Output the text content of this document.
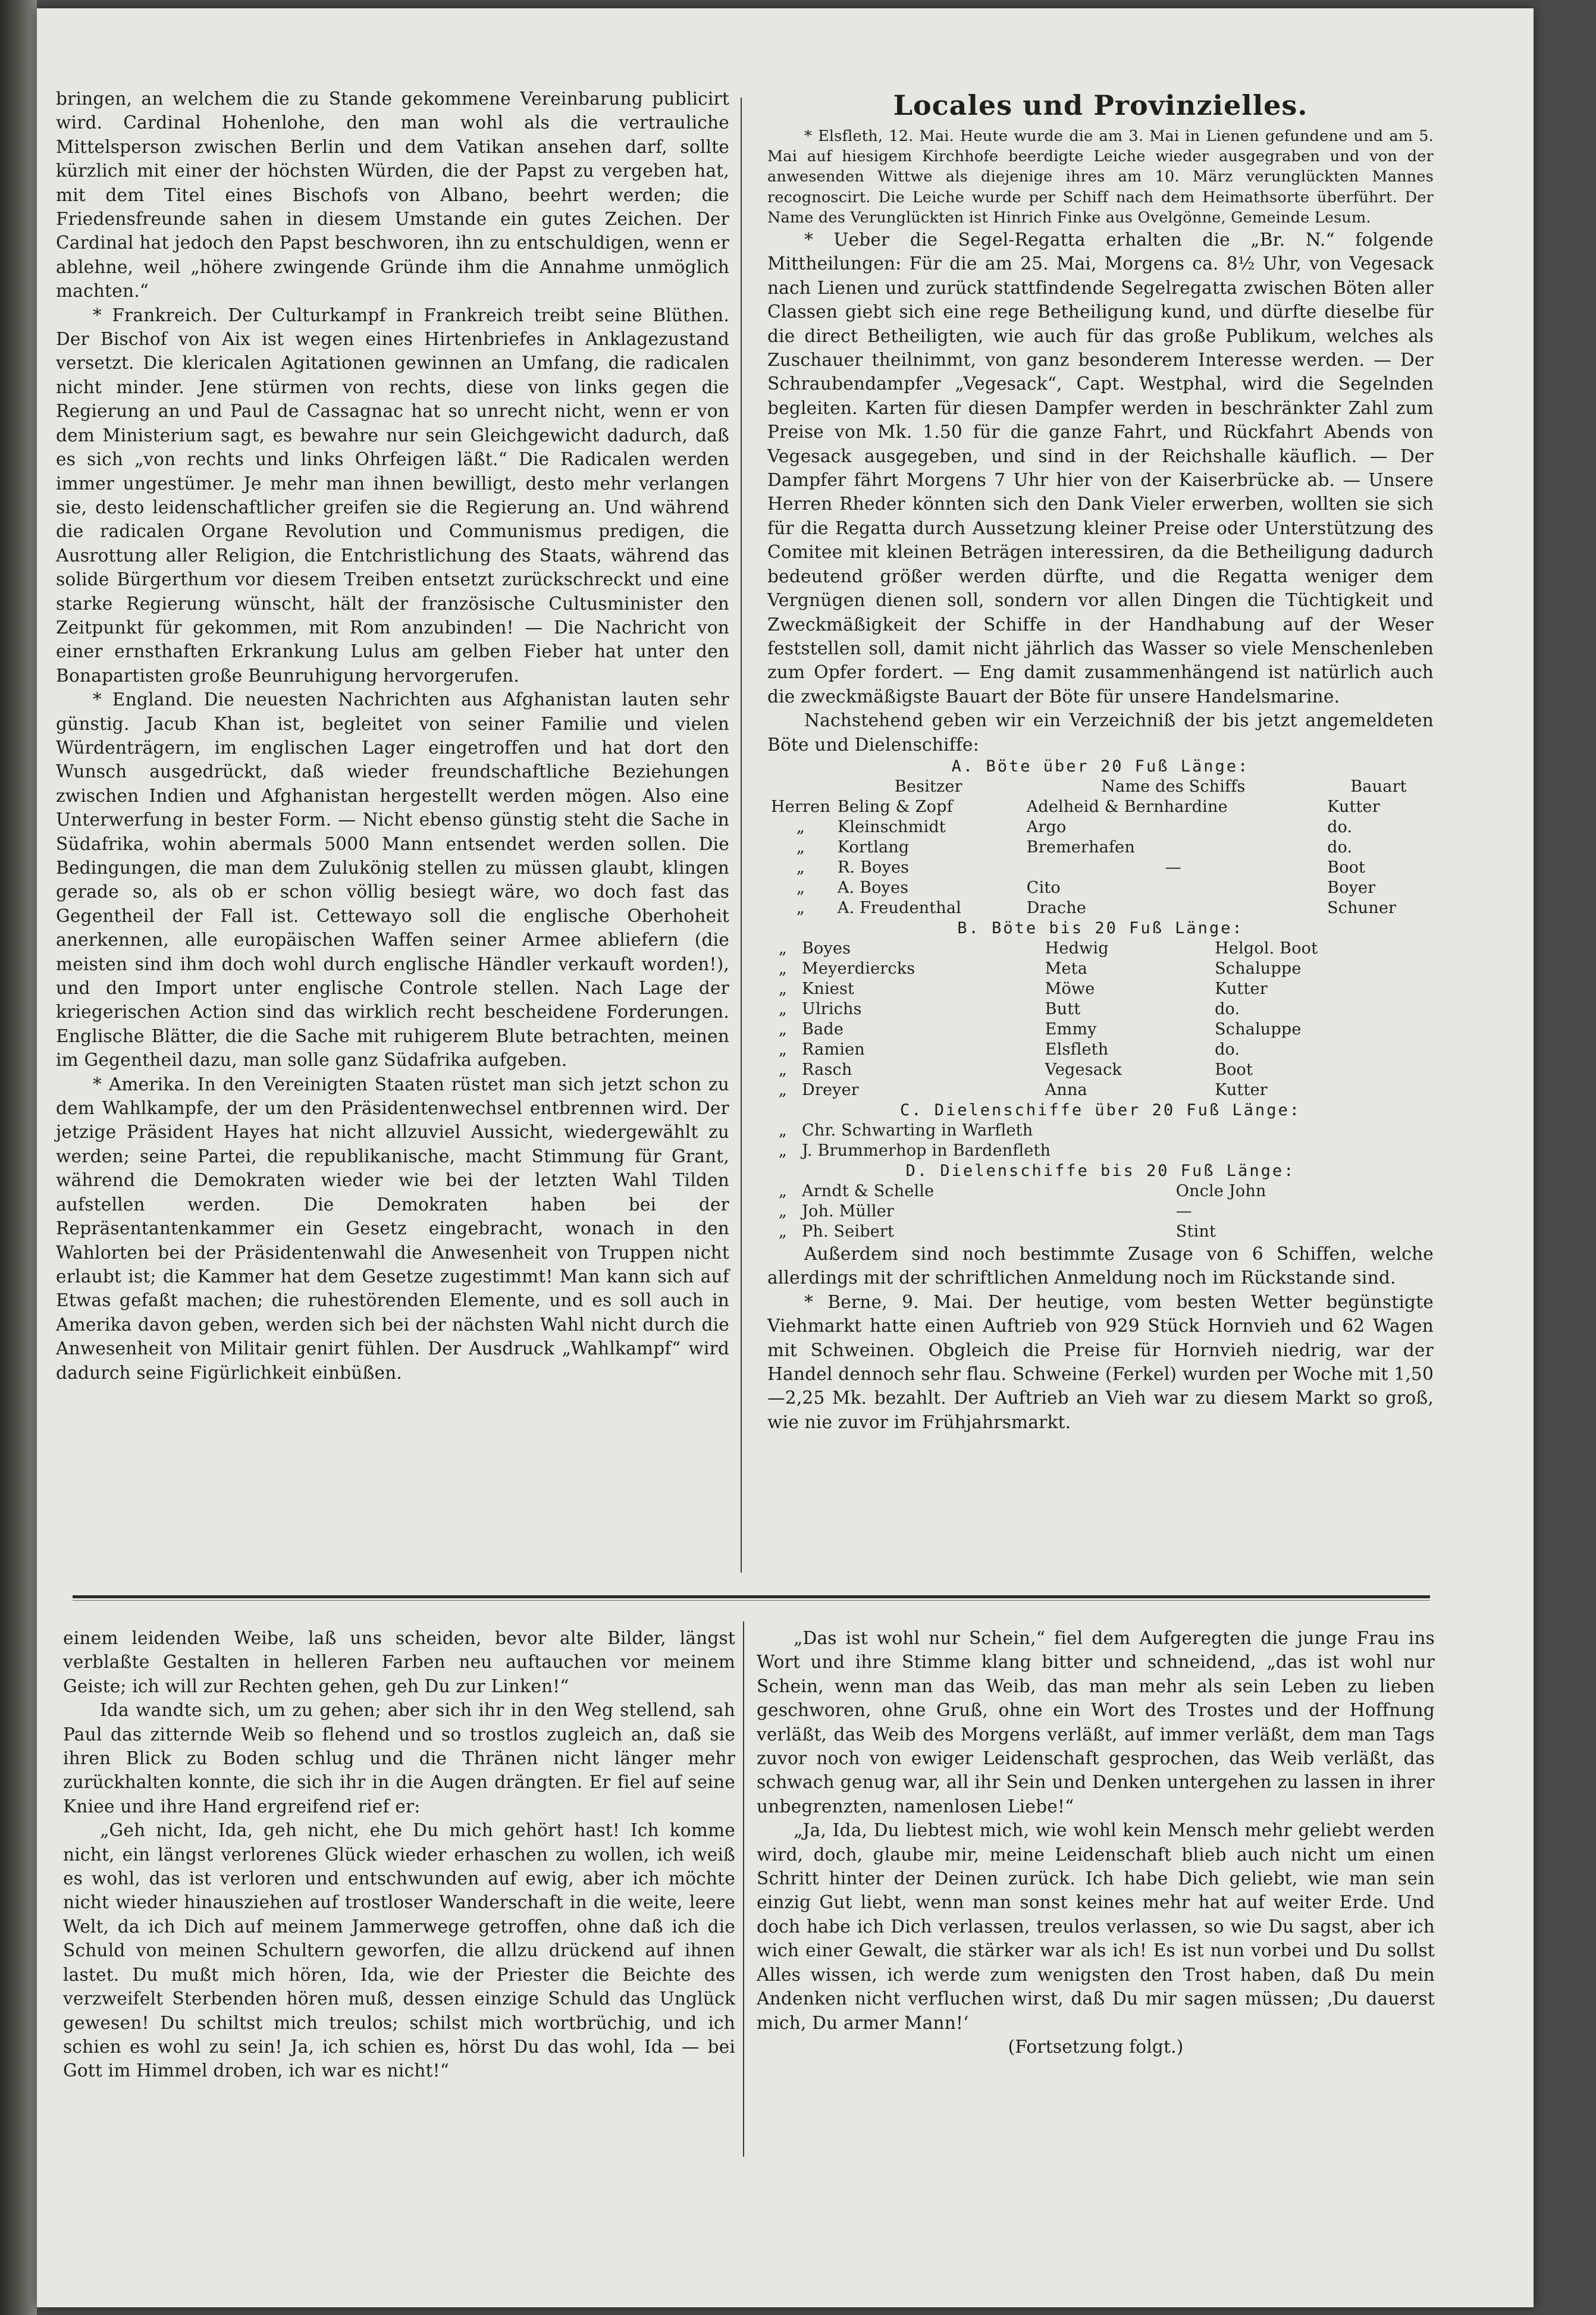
bringen, an welchem die zu Stande gekommene Vereinbarung publicirt wird. Cardinal Hohenlohe, den man wohl als die vertrauliche Mittelsperson zwischen Berlin und dem Vatikan ansehen darf, sollte kürzlich mit einer der höchsten Würden, die der Papst zu vergeben hat, mit dem Titel eines Bischofs von Albano, beehrt werden; die Friedensfreunde sahen in diesem Umstande ein gutes Zeichen. Der Cardinal hat jedoch den Papst beschworen, ihn zu entschuldigen, wenn er ablehne, weil „höhere zwingende Gründe ihm die Annahme unmöglich machten.“

* Frankreich. Der Culturkampf in Frankreich treibt seine Blüthen. Der Bischof von Aix ist wegen eines Hirtenbriefes in Anklagezustand versetzt. Die klericalen Agitationen gewinnen an Umfang, die radicalen nicht minder. Jene stürmen von rechts, diese von links gegen die Regierung an und Paul de Cassagnac hat so unrecht nicht, wenn er von dem Ministerium sagt, es bewahre nur sein Gleichgewicht dadurch, daß es sich „von rechts und links Ohrfeigen läßt.“ Die Radicalen werden immer ungestümer. Je mehr man ihnen bewilligt, desto mehr verlangen sie, desto leidenschaftlicher greifen sie die Regierung an. Und während die radicalen Organe Revolution und Communismus predigen, die Ausrottung aller Religion, die Entchristlichung des Staats, während das solide Bürgerthum vor diesem Treiben entsetzt zurückschreckt und eine starke Regierung wünscht, hält der französische Cultusminister den Zeitpunkt für gekommen, mit Rom anzubinden! — Die Nachricht von einer ernsthaften Erkrankung Lulus am gelben Fieber hat unter den Bonapartisten große Beunruhigung hervorgerufen.

* England. Die neuesten Nachrichten aus Afghanistan lauten sehr günstig. Jacub Khan ist, begleitet von seiner Familie und vielen Würdenträgern, im englischen Lager eingetroffen und hat dort den Wunsch ausgedrückt, daß wieder freundschaftliche Beziehungen zwischen Indien und Afghanistan hergestellt werden mögen. Also eine Unterwerfung in bester Form. — Nicht ebenso günstig steht die Sache in Südafrika, wohin abermals 5000 Mann entsendet werden sollen. Die Bedingungen, die man dem Zulukönig stellen zu müssen glaubt, klingen gerade so, als ob er schon völlig besiegt wäre, wo doch fast das Gegentheil der Fall ist. Cettewayo soll die englische Oberhoheit anerkennen, alle europäischen Waffen seiner Armee abliefern (die meisten sind ihm doch wohl durch englische Händler verkauft worden!), und den Import unter englische Controle stellen. Nach Lage der kriegerischen Action sind das wirklich recht bescheidene Forderungen. Englische Blätter, die die Sache mit ruhigerem Blute betrachten, meinen im Gegentheil dazu, man solle ganz Südafrika aufgeben.

* Amerika. In den Vereinigten Staaten rüstet man sich jetzt schon zu dem Wahlkampfe, der um den Präsidentenwechsel entbrennen wird. Der jetzige Präsident Hayes hat nicht allzuviel Aussicht, wiedergewählt zu werden; seine Partei, die republikanische, macht Stimmung für Grant, während die Demokraten wieder wie bei der letzten Wahl Tilden aufstellen werden. Die Demokraten haben bei der Repräsentantenkammer ein Gesetz eingebracht, wonach in den Wahlorten bei der Präsidentenwahl die Anwesenheit von Truppen nicht erlaubt ist; die Kammer hat dem Gesetze zugestimmt! Man kann sich auf Etwas gefaßt machen; die ruhestörenden Elemente, und es soll auch in Amerika davon geben, werden sich bei der nächsten Wahl nicht durch die Anwesenheit von Militair genirt fühlen. Der Ausdruck „Wahlkampf“ wird dadurch seine Figürlichkeit einbüßen.

Locales und Provinzielles.

* Elsfleth, 12. Mai. Heute wurde die am 3. Mai in Lienen gefundene und am 5. Mai auf hiesigem Kirchhofe beerdigte Leiche wieder ausgegraben und von der anwesenden Wittwe als diejenige ihres am 10. März verunglückten Mannes recognoscirt. Die Leiche wurde per Schiff nach dem Heimathsorte überführt. Der Name des Verunglückten ist Hinrich Finke aus Ovelgönne, Gemeinde Lesum.

* Ueber die Segel-Regatta erhalten die „Br. N.“ folgende Mittheilungen: Für die am 25. Mai, Morgens ca. 8½ Uhr, von Vegesack nach Lienen und zurück stattfindende Segelregatta zwischen Böten aller Classen giebt sich eine rege Betheiligung kund, und dürfte dieselbe für die direct Betheiligten, wie auch für das große Publikum, welches als Zuschauer theilnimmt, von ganz besonderem Interesse werden. — Der Schraubendampfer „Vegesack“, Capt. Westphal, wird die Segelnden begleiten. Karten für diesen Dampfer werden in beschränkter Zahl zum Preise von Mk. 1.50 für die ganze Fahrt, und Rückfahrt Abends von Vegesack ausgegeben, und sind in der Reichshalle käuflich. — Der Dampfer fährt Morgens 7 Uhr hier von der Kaiserbrücke ab. — Unsere Herren Rheder könnten sich den Dank Vieler erwerben, wollten sie sich für die Regatta durch Aussetzung kleiner Preise oder Unterstützung des Comitee mit kleinen Beträgen interessiren, da die Betheiligung dadurch bedeutend größer werden dürfte, und die Regatta weniger dem Vergnügen dienen soll, sondern vor allen Dingen die Tüchtigkeit und Zweckmäßigkeit der Schiffe in der Handhabung auf der Weser feststellen soll, damit nicht jährlich das Wasser so viele Menschenleben zum Opfer fordert. — Eng damit zusammenhängend ist natürlich auch die zweckmäßigste Bauart der Böte für unsere Handelsmarine.

Nachstehend geben wir ein Verzeichniß der bis jetzt angemeldeten Böte und Dielenschiffe:

A. Böte über 20 Fuß Länge:
	Besitzer	Name des Schiffs	Bauart
Herren	Beling & Zopf	Adelheid & Bernhardine	Kutter
„	Kleinschmidt	Argo	do.
„	Kortlang	Bremerhafen	do.
„	R. Boyes	—	Boot
„	A. Boyes	Cito	Boyer
„	A. Freudenthal	Drache	Schuner
B. Böte bis 20 Fuß Länge:
„	Boyes	Hedwig	Helgol. Boot
„	Meyerdiercks	Meta	Schaluppe
„	Kniest	Möwe	Kutter
„	Ulrichs	Butt	do.
„	Bade	Emmy	Schaluppe
„	Ramien	Elsfleth	do.
„	Rasch	Vegesack	Boot
„	Dreyer	Anna	Kutter
C. Dielenschiffe über 20 Fuß Länge:
„	Chr. Schwarting in Warfleth
„	J. Brummerhop in Bardenfleth
D. Dielenschiffe bis 20 Fuß Länge:
„	Arndt & Schelle	Oncle John
„	Joh. Müller	—
„	Ph. Seibert	Stint

Außerdem sind noch bestimmte Zusage von 6 Schiffen, welche allerdings mit der schriftlichen Anmeldung noch im Rückstande sind.

* Berne, 9. Mai. Der heutige, vom besten Wetter begünstigte Viehmarkt hatte einen Auftrieb von 929 Stück Hornvieh und 62 Wagen mit Schweinen. Obgleich die Preise für Hornvieh niedrig, war der Handel dennoch sehr flau. Schweine (Ferkel) wurden per Woche mit 1,50—2,25 Mk. bezahlt. Der Auftrieb an Vieh war zu diesem Markt so groß, wie nie zuvor im Frühjahrsmarkt.

einem leidenden Weibe, laß uns scheiden, bevor alte Bilder, längst verblaßte Gestalten in helleren Farben neu auftauchen vor meinem Geiste; ich will zur Rechten gehen, geh Du zur Linken!“

Ida wandte sich, um zu gehen; aber sich ihr in den Weg stellend, sah Paul das zitternde Weib so flehend und so trostlos zugleich an, daß sie ihren Blick zu Boden schlug und die Thränen nicht länger mehr zurückhalten konnte, die sich ihr in die Augen drängten. Er fiel auf seine Kniee und ihre Hand ergreifend rief er:

„Geh nicht, Ida, geh nicht, ehe Du mich gehört hast! Ich komme nicht, ein längst verlorenes Glück wieder erhaschen zu wollen, ich weiß es wohl, das ist verloren und entschwunden auf ewig, aber ich möchte nicht wieder hinausziehen auf trostloser Wanderschaft in die weite, leere Welt, da ich Dich auf meinem Jammerwege getroffen, ohne daß ich die Schuld von meinen Schultern geworfen, die allzu drückend auf ihnen lastet. Du mußt mich hören, Ida, wie der Priester die Beichte des verzweifelt Sterbenden hören muß, dessen einzige Schuld das Unglück gewesen! Du schiltst mich treulos; schilst mich wortbrüchig, und ich schien es wohl zu sein! Ja, ich schien es, hörst Du das wohl, Ida — bei Gott im Himmel droben, ich war es nicht!“

„Das ist wohl nur Schein,“ fiel dem Aufgeregten die junge Frau ins Wort und ihre Stimme klang bitter und schneidend, „das ist wohl nur Schein, wenn man das Weib, das man mehr als sein Leben zu lieben geschworen, ohne Gruß, ohne ein Wort des Trostes und der Hoffnung verläßt, das Weib des Morgens verläßt, auf immer verläßt, dem man Tags zuvor noch von ewiger Leidenschaft gesprochen, das Weib verläßt, das schwach genug war, all ihr Sein und Denken untergehen zu lassen in ihrer unbegrenzten, namenlosen Liebe!“

„Ja, Ida, Du liebtest mich, wie wohl kein Mensch mehr geliebt werden wird, doch, glaube mir, meine Leidenschaft blieb auch nicht um einen Schritt hinter der Deinen zurück. Ich habe Dich geliebt, wie man sein einzig Gut liebt, wenn man sonst keines mehr hat auf weiter Erde. Und doch habe ich Dich verlassen, treulos verlassen, so wie Du sagst, aber ich wich einer Gewalt, die stärker war als ich! Es ist nun vorbei und Du sollst Alles wissen, ich werde zum wenigsten den Trost haben, daß Du mein Andenken nicht verfluchen wirst, daß Du mir sagen müssen; ‚Du dauerst mich, Du armer Mann!‘

(Fortsetzung folgt.)
